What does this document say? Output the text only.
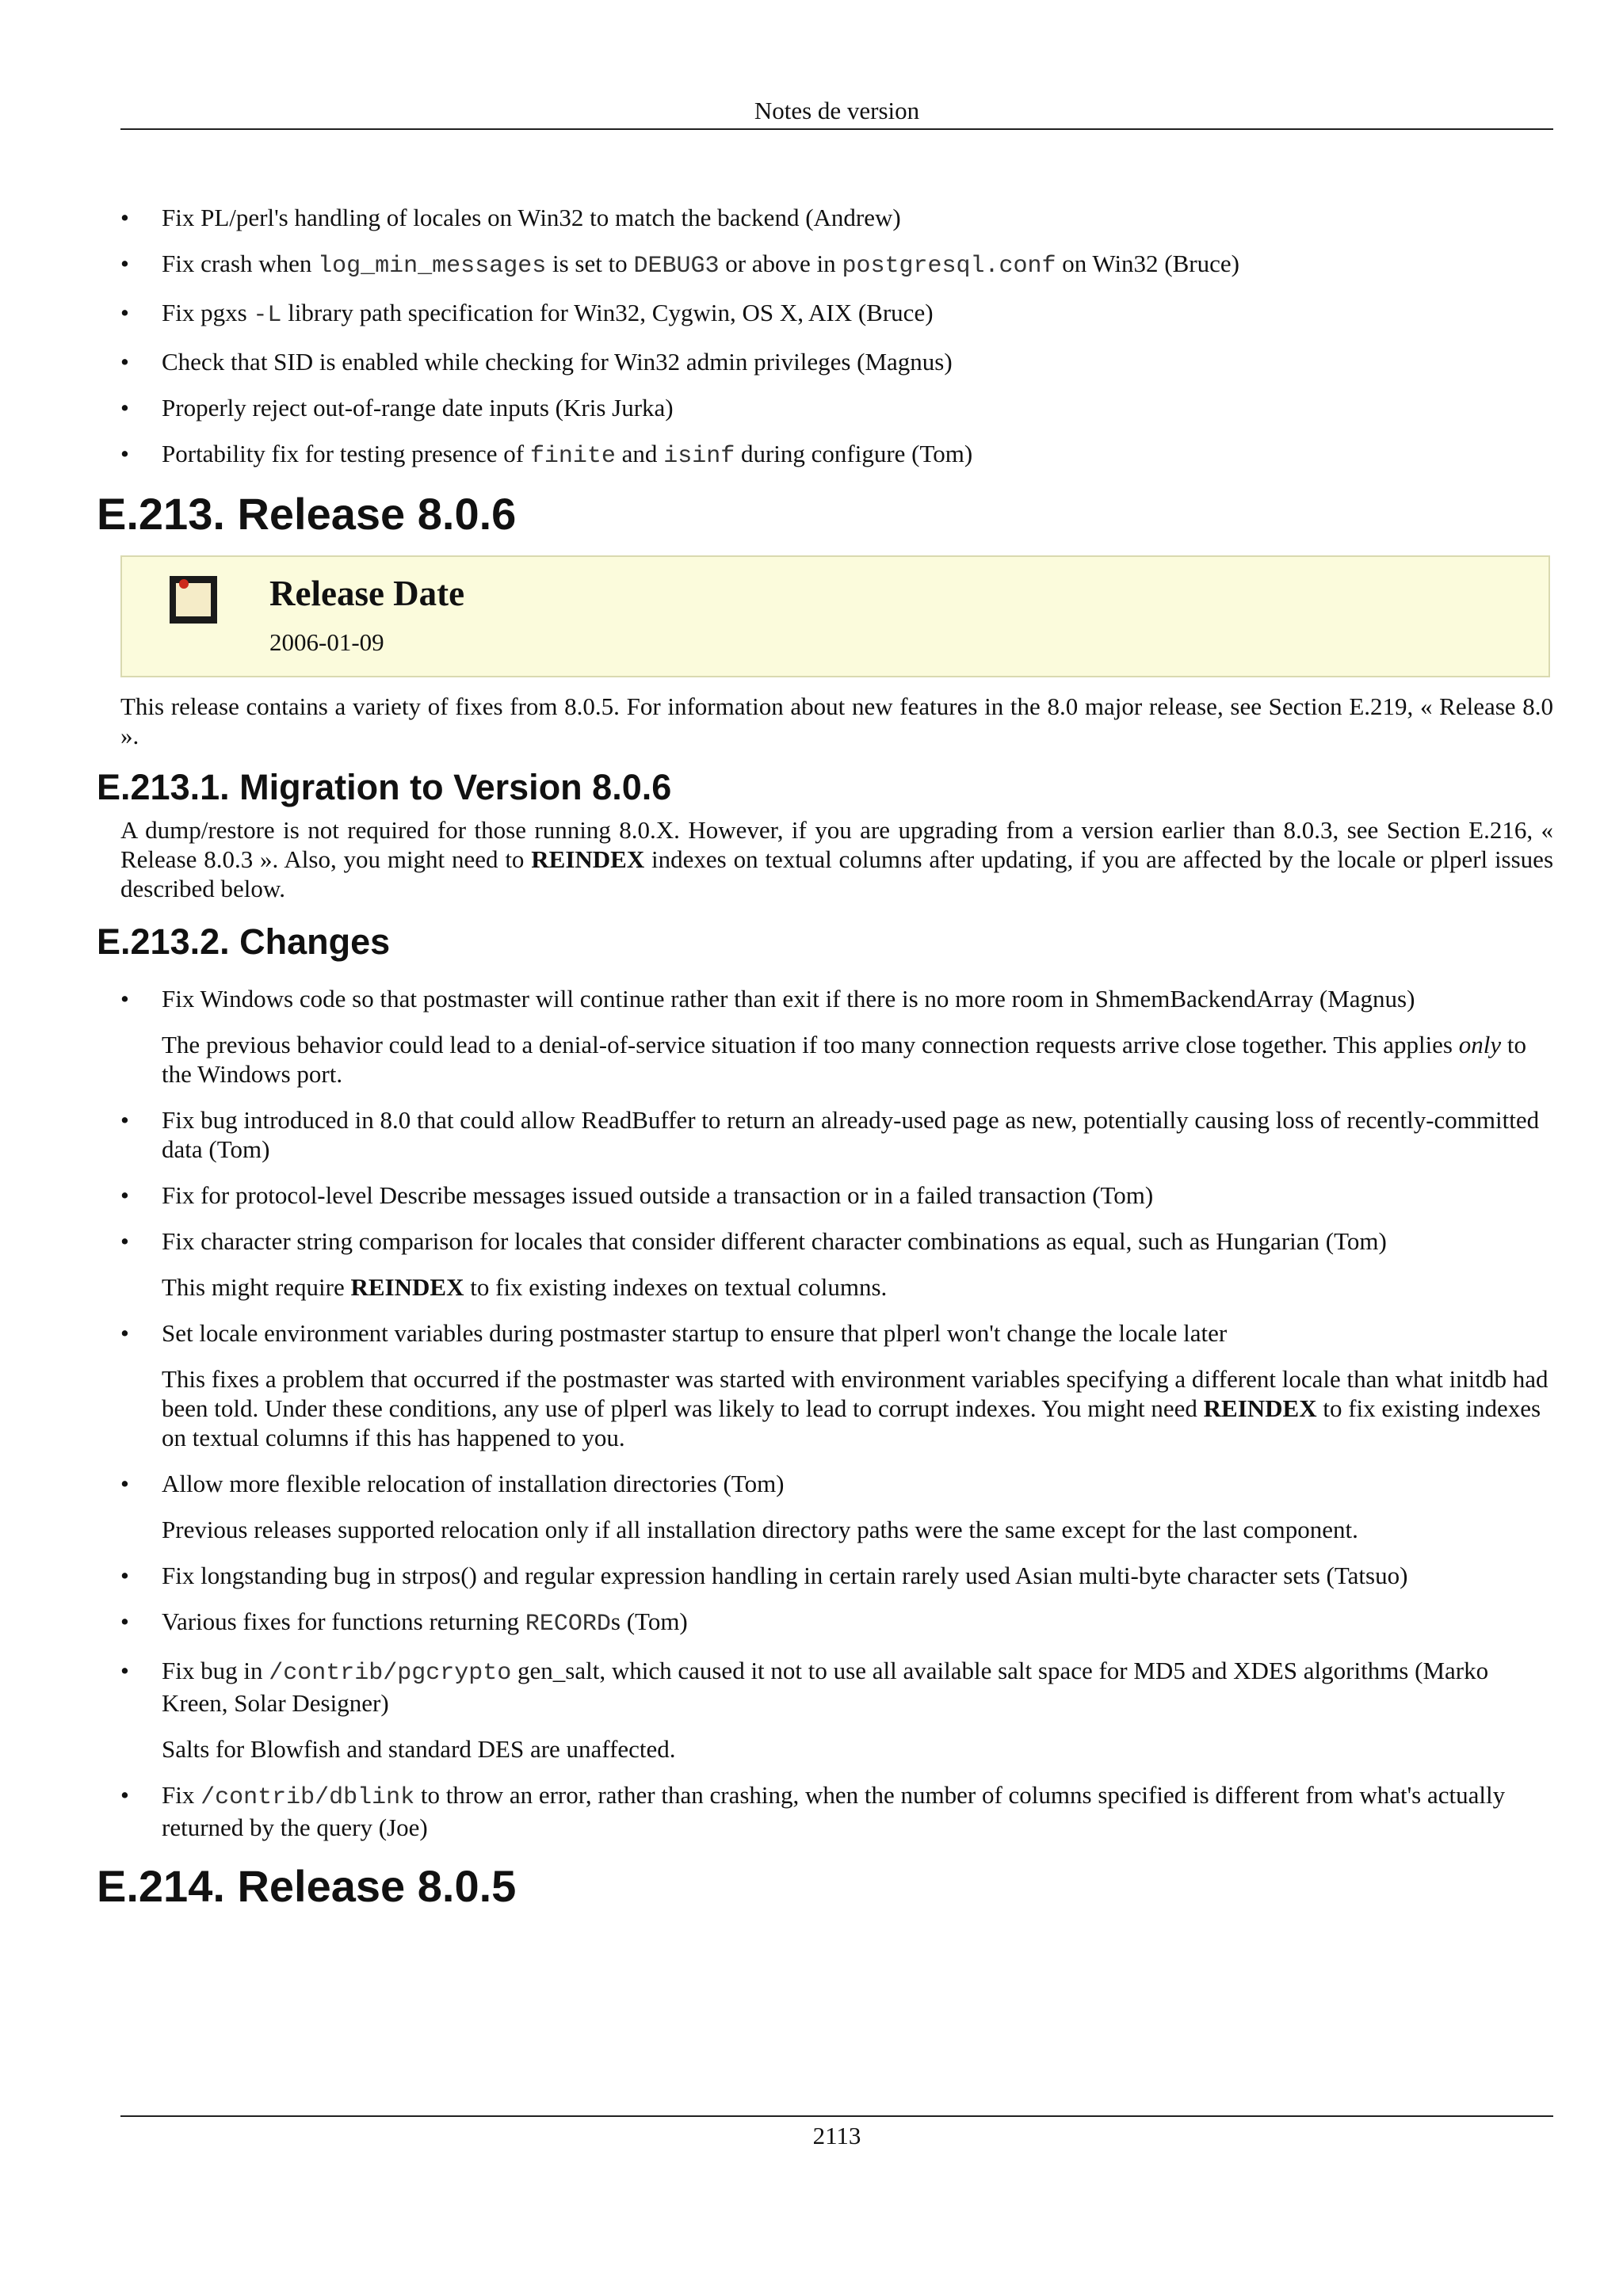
Notes de version
• Fix PL/perl's handling of locales on Win32 to match the backend (Andrew)
• Fix crash when log_min_messages is set to DEBUG3 or above in postgresql.conf on Win32 (Bruce)
• Fix pgxs -L library path specification for Win32, Cygwin, OS X, AIX (Bruce)
• Check that SID is enabled while checking for Win32 admin privileges (Magnus)
• Properly reject out-of-range date inputs (Kris Jurka)
• Portability fix for testing presence of finite and isinf during configure (Tom)
E.213. Release 8.0.6
Release Date
2006-01-09

This release contains a variety of fixes from 8.0.5. For information about new features in the 8.0 major release, see Section E.219, « Release 8.0 ».

E.213.1. Migration to Version 8.0.6

A dump/restore is not required for those running 8.0.X. However, if you are upgrading from a version earlier than 8.0.3, see Section E.216, « Release 8.0.3 ». Also, you might need to REINDEX indexes on textual columns after updating, if you are affected by the locale or plperl issues described below.

E.213.2. Changes
• Fix Windows code so that postmaster will continue rather than exit if there is no more room in ShmemBackendArray (Magnus)
The previous behavior could lead to a denial-of-service situation if too many connection requests arrive close together. This applies only to the Windows port.
• Fix bug introduced in 8.0 that could allow ReadBuffer to return an already-used page as new, potentially causing loss of recently-committed data (Tom)
• Fix for protocol-level Describe messages issued outside a transaction or in a failed transaction (Tom)
• Fix character string comparison for locales that consider different character combinations as equal, such as Hungarian (Tom)
This might require REINDEX to fix existing indexes on textual columns.
• Set locale environment variables during postmaster startup to ensure that plperl won't change the locale later
This fixes a problem that occurred if the postmaster was started with environment variables specifying a different locale than what initdb had been told. Under these conditions, any use of plperl was likely to lead to corrupt indexes. You might need REINDEX to fix existing indexes on textual columns if this has happened to you.
• Allow more flexible relocation of installation directories (Tom)
Previous releases supported relocation only if all installation directory paths were the same except for the last component.
• Fix longstanding bug in strpos() and regular expression handling in certain rarely used Asian multi-byte character sets (Tatsuo)
• Various fixes for functions returning RECORDs (Tom)
• Fix bug in /contrib/pgcrypto gen_salt, which caused it not to use all available salt space for MD5 and XDES algorithms (Marko Kreen, Solar Designer)
Salts for Blowfish and standard DES are unaffected.
• Fix /contrib/dblink to throw an error, rather than crashing, when the number of columns specified is different from what's actually returned by the query (Joe)
E.214. Release 8.0.5
2113
